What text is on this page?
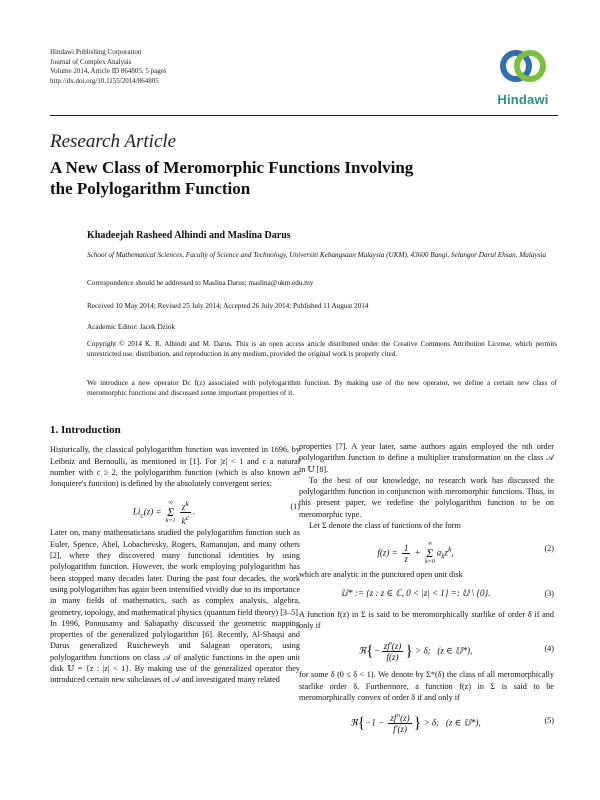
Hindawi Publishing Corporation
Journal of Complex Analysis
Volume 2014, Article ID 864805, 5 pages
http://dx.doi.org/10.1155/2014/864805
Hindawi
Research Article
A New Class of Meromorphic Functions Involving
the Polylogarithm Function
Khadeejah Rasheed Alhindi and Maslina Darus
School of Mathematical Sciences, Faculty of Science and Technology, Universiti Kebangsaan Malaysia (UKM), 43600 Bangi, Selangor Darul Ehsan, Malaysia
Correspondence should be addressed to Maslina Darus; maslina@ukm.edu.my
Received 10 May 2014; Revised 25 July 2014; Accepted 26 July 2014; Published 11 August 2014
Academic Editor: Jacek Dziok
Copyright © 2014 K. R. Alhindi and M. Darus. This is an open access article distributed under the Creative Commons Attribution License, which permits unrestricted use, distribution, and reproduction in any medium, provided the original work is properly cited.
We introduce a new operator Dc f(z) associated with polylogarithm function. By making use of the new operator, we define a certain new class of meromorphic functions and discussed some important properties of it.

1. Introduction

Historically, the classical polylogarithm function was invented in 1696, by Leibniz and Bernoulli, as mentioned in [1]. For |z| < 1 and c a natural number with c ≥ 2, the polylogarithm function (which is also known as Jonquiere's function) is defined by the absolutely convergent series:

$Li_c(z)$ = ∞
Σ
$k=1 \frac{z^k}{k^c}$ .
(1)

Later on, many mathematicians studied the polylogarithm function such as Euler, Spence, Abel, Lobachevsky, Rogers, Ramanujan, and many others [2], where they discovered many functional identities by using polylogarithm function. However, the work employing polylogarithm has been stopped many decades later. During the past four decades, the work using polylogarithm has again been intensified vividly due to its importance in many fields of mathematics, such as complex analysis, algebra, geometry, topology, and mathematical physics (quantum field theory) [3–5]. In 1996, Ponnusamy and Sabapathy discussed the geometric mapping properties of the generalized polylogarithm [6]. Recently, Al-Shaqsi and Darus generalized Ruscheweyh and Salagean operators, using polylogarithm functions on class 𝒜 of analytic functions in the open unit disk 𝕌 = {z : |z| < 1}. By making use of the generalized operator they introduced certain new subclasses of 𝒜 and investigated many related

properties [7]. A year later, same authors again employed the nth order polylogarithm function to define a multiplier transformation on the class 𝒜 in 𝕌 [8].

To the best of our knowledge, no research work has discussed the polylogarithm function in conjunction with meromorphic functions. Thus, in this present paper, we redefine the polylogarithm function to be on meromorphic type.

Let Σ denote the class of functions of the form

$f(z) = \frac{1}{z}$ + ∞
Σ
$k=0a_kz^k$,	(2)

which are analytic in the punctured open unit disk

𝕌* := {z : z ∈ ℂ, 0 < |z| < 1} =: 𝕌 \ {0}.	(3)

A function f(z) in Σ is said to be meromorphically starlike of order δ if and only if

ℜ{− $\frac{zf'(z)}{f(z)}$ } > δ;   (z ∈ 𝕌*),	(4)

for some δ (0 ≤ δ < 1). We denote by Σ*(δ) the class of all meromorphically starlike order δ. Furthermore, a function f(z) in Σ is said to be meromorphically convex of order δ if and only if

ℜ{−1 − $\frac{zf''(z)}{f'(z)}$ } > δ;   (z ∈ 𝕌*),	(5)
